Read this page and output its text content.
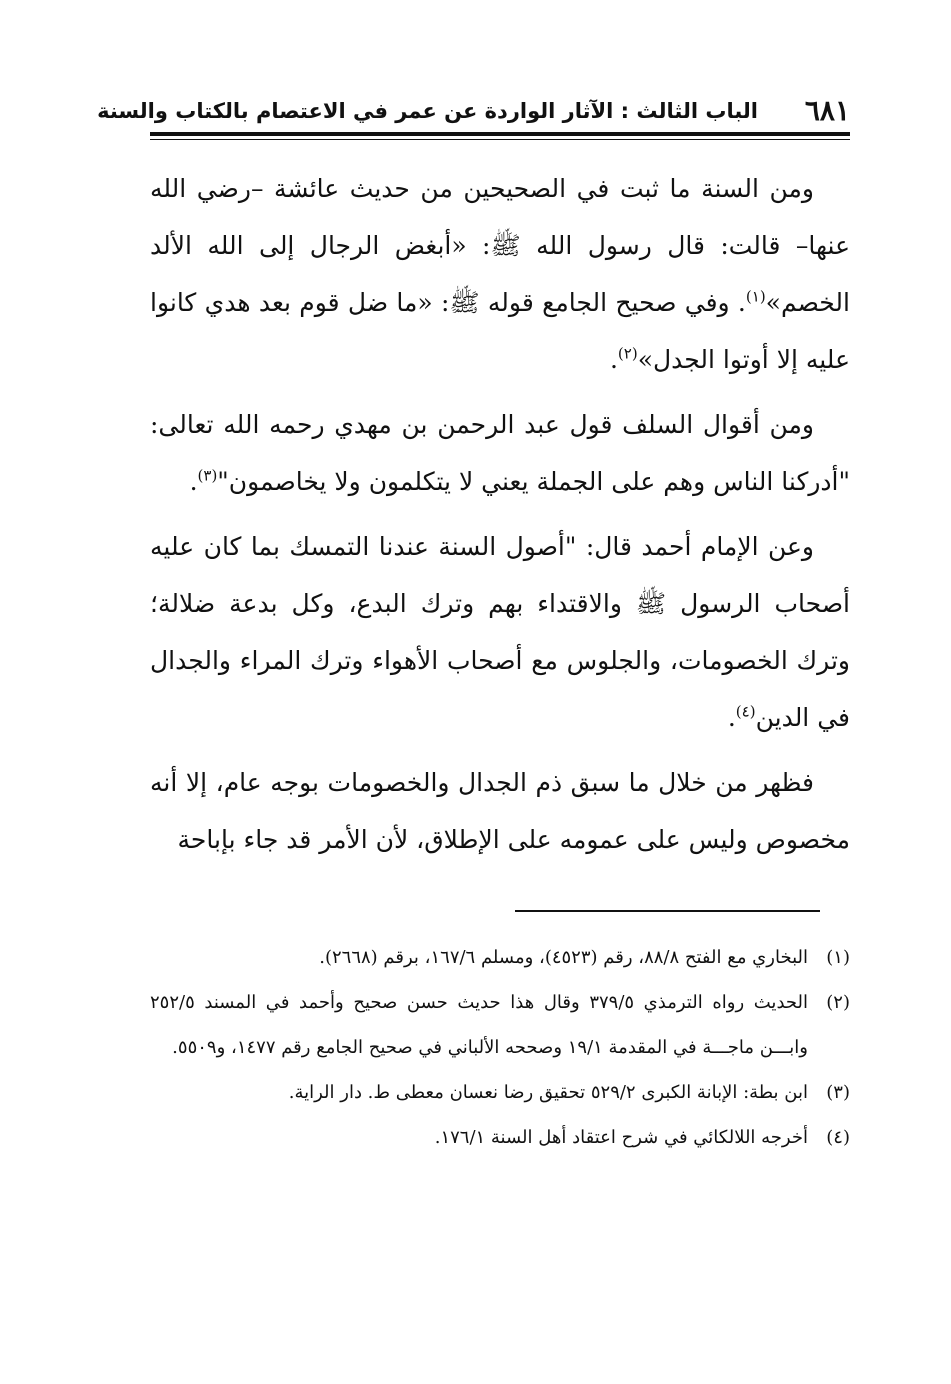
٦٨١
الباب الثالث : الآثار الواردة عن عمر في الاعتصام بالكتاب والسنة

ومن السنة ما ثبت في الصحيحين من حديث عائشة –رضي الله عنها– قالت: قال رسول الله ﷺ: «أبغض الرجال إلى الله الألد الخصم»$^{(١)}$. وفي صحيح الجامع قوله ﷺ: «ما ضل قوم بعد هدي كانوا عليه إلا أوتوا الجدل»$^{(٢)}$.

ومن أقوال السلف قول عبد الرحمن بن مهدي رحمه الله تعالى: "أدركنا الناس وهم على الجملة يعني لا يتكلمون ولا يخاصمون"$^{(٣)}$.

وعن الإمام أحمد قال: "أصول السنة عندنا التمسك بما كان عليه أصحاب الرسول ﷺ والاقتداء بهم وترك البدع، وكل بدعة ضلالة؛ وترك الخصومات، والجلوس مع أصحاب الأهواء وترك المراء والجدال في الدين$^{(٤)}$.

فظهر من خلال ما سبق ذم الجدال والخصومات بوجه عام، إلا أنه مخصوص وليس على عمومه على الإطلاق، لأن الأمر قد جاء بإباحة

(١)
البخاري مع الفتح ٨٨/٨، رقم (٤٥٢٣)، ومسلم ١٦٧/٦، برقم (٢٦٦٨).
(٢)
الحديث رواه الترمذي ٣٧٩/٥ وقال هذا حديث حسن صحيح وأحمد في المسند ٢٥٢/٥ وابـــن ماجـــة في المقدمة ١٩/١ وصححه الألباني في صحيح الجامع رقم ١٤٧٧، و٥٥٠٩.
(٣)
ابن بطة: الإبانة الكبرى ٥٢٩/٢ تحقيق رضا نعسان معطى ط. دار الراية.
(٤)
أخرجه اللالكائي في شرح اعتقاد أهل السنة ١٧٦/١.
